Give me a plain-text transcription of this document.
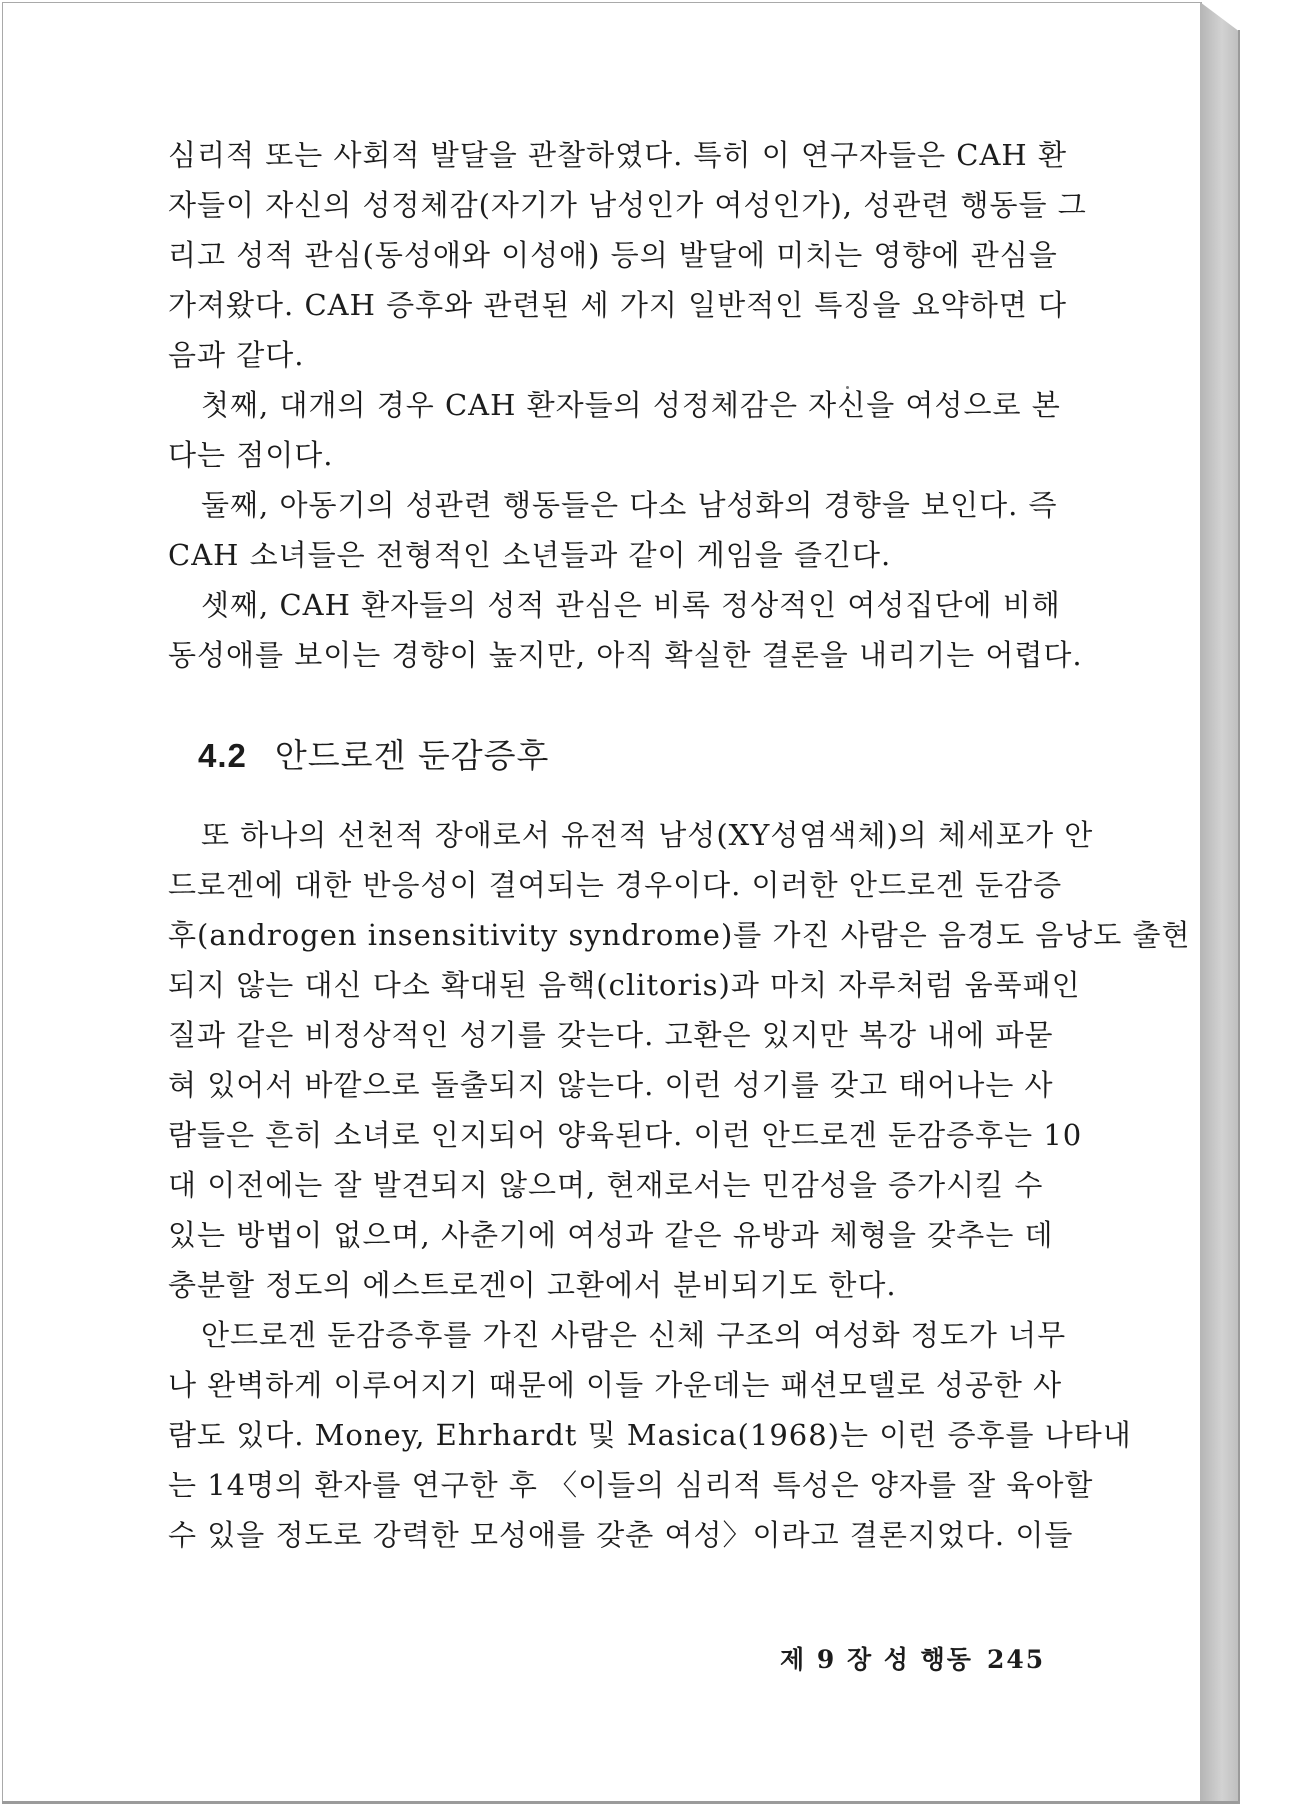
심리적 또는 사회적 발달을 관찰하였다. 특히 이 연구자들은 CAH 환
자들이 자신의 성정체감(자기가 남성인가 여성인가), 성관련 행동들 그
리고 성적 관심(동성애와 이성애) 등의 발달에 미치는 영향에 관심을
가져왔다. CAH 증후와 관련된 세 가지 일반적인 특징을 요약하면 다
음과 같다.
첫째, 대개의 경우 CAH 환자들의 성정체감은 자신을 여성으로 본
다는 점이다.
둘째, 아동기의 성관련 행동들은 다소 남성화의 경향을 보인다. 즉
CAH 소녀들은 전형적인 소년들과 같이 게임을 즐긴다.
셋째, CAH 환자들의 성적 관심은 비록 정상적인 여성집단에 비해
동성애를 보이는 경향이 높지만, 아직 확실한 결론을 내리기는 어렵다.
4.2 안드로겐 둔감증후
또 하나의 선천적 장애로서 유전적 남성(XY성염색체)의 체세포가 안
드로겐에 대한 반응성이 결여되는 경우이다. 이러한 안드로겐 둔감증
후(androgen insensitivity syndrome)를 가진 사람은 음경도 음낭도 출현
되지 않는 대신 다소 확대된 음핵(clitoris)과 마치 자루처럼 움푹패인
질과 같은 비정상적인 성기를 갖는다. 고환은 있지만 복강 내에 파묻
혀 있어서 바깥으로 돌출되지 않는다. 이런 성기를 갖고 태어나는 사
람들은 흔히 소녀로 인지되어 양육된다. 이런 안드로겐 둔감증후는 10
대 이전에는 잘 발견되지 않으며, 현재로서는 민감성을 증가시킬 수
있는 방법이 없으며, 사춘기에 여성과 같은 유방과 체형을 갖추는 데
충분할 정도의 에스트로겐이 고환에서 분비되기도 한다.
안드로겐 둔감증후를 가진 사람은 신체 구조의 여성화 정도가 너무
나 완벽하게 이루어지기 때문에 이들 가운데는 패션모델로 성공한 사
람도 있다. Money, Ehrhardt 및 Masica(1968)는 이런 증후를 나타내
는 14명의 환자를 연구한 후 〈이들의 심리적 특성은 양자를 잘 육아할
수 있을 정도로 강력한 모성애를 갖춘 여성〉이라고 결론지었다. 이들
제 9 장 성 행동 245
